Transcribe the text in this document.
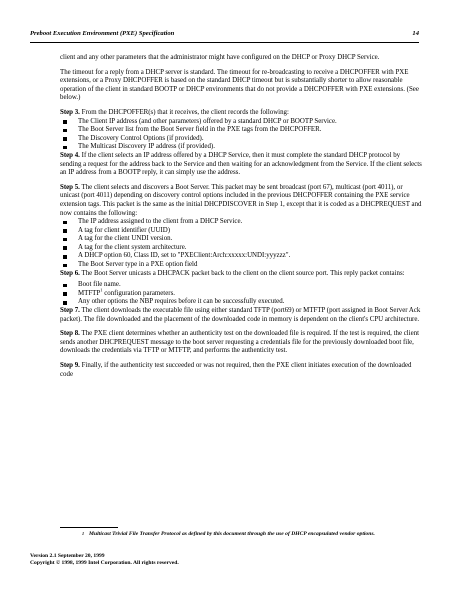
Preboot Execution Environment (PXE) Specification	14

client and any other parameters that the administrator might have configured on the DHCP or Proxy DHCP Service.

The timeout for a reply from a DHCP server is standard. The timeout for re-broadcasting to receive a DHCPOFFER with PXE extensions, or a Proxy DHCPOFFER is based on the standard DHCP timeout but is substantially shorter to allow reasonable operation of the client in standard BOOTP or DHCP environments that do not provide a DHCPOFFER with PXE extensions. (See below.)

Step 3. From the DHCPOFFER(s) that it receives, the client records the following:

The Client IP address (and other parameters) offered by a standard DHCP or BOOTP Service.
The Boot Server list from the Boot Server field in the PXE tags from the DHCPOFFER.
The Discovery Control Options (if provided).
The Multicast Discovery IP address (if provided).

Step 4. If the client selects an IP address offered by a DHCP Service, then it must complete the standard DHCP protocol by sending a request for the address back to the Service and then waiting for an acknowledgment from the Service. If the client selects an IP address from a BOOTP reply, it can simply use the address.

Step 5. The client selects and discovers a Boot Server. This packet may be sent broadcast (port 67), multicast (port 4011), or unicast (port 4011) depending on discovery control options included in the previous DHCPOFFER containing the PXE service extension tags. This packet is the same as the initial DHCPDISCOVER in Step 1, except that it is coded as a DHCPREQUEST and now contains the following:

The IP address assigned to the client from a DHCP Service.
A tag for client identifier (UUID)
A tag for the client UNDI version.
A tag for the client system architecture.
A DHCP option 60, Class ID, set to "PXEClient:Arch:xxxxx:UNDI:yyyzzz".
The Boot Server type in a PXE option field

Step 6. The Boot Server unicasts a DHCPACK packet back to the client on the client source port. This reply packet contains:

Boot file name.
MTFTP$^1$ configuration parameters.
Any other options the NBP requires before it can be successfully executed.

Step 7. The client downloads the executable file using either standard TFTP (port69) or MTFTP (port assigned in Boot Server Ack packet). The file downloaded and the placement of the downloaded code in memory is dependent on the client's CPU architecture.

Step 8. The PXE client determines whether an authenticity test on the downloaded file is required. If the test is required, the client sends another DHCPREQUEST message to the boot server requesting a credentials file for the previously downloaded boot file, downloads the credentials via TFTP or MTFTP, and performs the authenticity test.

Step 9. Finally, if the authenticity test succeeded or was not required, then the PXE client initiates execution of the downloaded code

1 Multicast Trivial File Transfer Protocol as defined by this document through the use of DHCP encapsulated vendor options.
Version 2.1 September 20, 1999
Copyright © 1998, 1999 Intel Corporation. All rights reserved.
